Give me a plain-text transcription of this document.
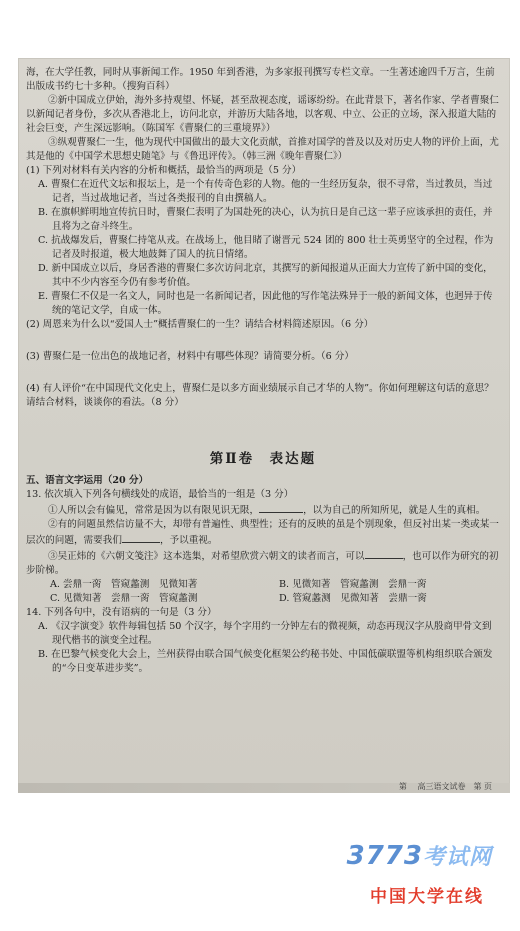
海，在大学任教，同时从事新闻工作。1950 年到香港，为多家报刊撰写专栏文章。一生著述逾四千万言，生前出版成书约七十多种。（搜狗百科）

②新中国成立伊始，海外多持观望、怀疑，甚至敌视态度，谣诼纷纷。在此背景下，著名作家、学者曹聚仁以新闻记者身份，多次从香港北上，访问北京，并游历大陆各地，以客观、中立、公正的立场，深入报道大陆的社会巨变，产生深远影响。（陈国军《曹聚仁的三重境界》）

③纵观曹聚仁一生，他为现代中国做出的最大文化贡献，首推对国学的普及以及对历史人物的评价上面，尤其是他的《中国学术思想史随笔》与《鲁迅评传》。（韩三洲《晚年曹聚仁》）

(1) 下列对材料有关内容的分析和概括，最恰当的两项是（5 分）

A. 曹聚仁在近代文坛和报坛上，是一个有传奇色彩的人物。他的一生经历复杂，很不寻常，当过教员，当过记者，当过战地记者，当过各类报刊的自由撰稿人。

B. 在旗帜鲜明地宣传抗日时，曹聚仁表明了为国赴死的决心，认为抗日是自己这一辈子应该承担的责任，并且将为之奋斗终生。

C. 抗战爆发后，曹聚仁持笔从戎。在战场上，他目睹了谢晋元 524 团的 800 壮士英勇坚守的全过程，作为记者及时报道，极大地鼓舞了国人的抗日情绪。

D. 新中国成立以后，身居香港的曹聚仁多次访问北京，其撰写的新闻报道从正面大力宣传了新中国的变化，其中不少内容至今仍有参考价值。

E. 曹聚仁不仅是一名文人，同时也是一名新闻记者，因此他的写作笔法殊异于一般的新闻文体，也迥异于传统的笔记文学，自成一体。

(2) 周恩来为什么以“爱国人士”概括曹聚仁的一生？请结合材料简述原因。（6 分）

(3) 曹聚仁是一位出色的战地记者，材料中有哪些体现？请简要分析。（6 分）

(4) 有人评价“在中国现代文化史上，曹聚仁是以多方面业绩展示自己才华的人物”。你如何理解这句话的意思？请结合材料，谈谈你的看法。（8 分）

第Ⅱ卷　表达题

五、语言文字运用（20 分）

13. 依次填入下列各句横线处的成语，最恰当的一组是（3 分）

①人所以会有偏见，常常是因为以有限见识无限，	，以为自己的所知所见，就是人生的真相。

②有的问题虽然信访量不大，却带有普遍性、典型性；还有的反映的虽是个别现象，但反衬出某一类或某一层次的问题，需要我们	，予以重视。

③吴正炜的《六朝文笺注》这本选集，对希望欣赏六朝文的读者而言，可以	，也可以作为研究的初步阶梯。

A. 尝鼎一脔　管窥蠡测　见微知著	B. 见微知著　管窥蠡测　尝鼎一脔
C. 见微知著　尝鼎一脔　管窥蠡测	D. 管窥蠡测　见微知著　尝鼎一脔

14. 下列各句中，没有语病的一句是（3 分）

A. 《汉字演变》软件每辑包括 50 个汉字，每个字用约一分钟左右的微视频，动态再现汉字从殷商甲骨文到现代楷书的演变全过程。

B. 在巴黎气候变化大会上，兰州获得由联合国气候变化框架公约秘书处、中国低碳联盟等机构组织联合颁发的“今日变革进步奖”。

第 　高三语文试卷　第 页
3773考试网
中国大学在线
